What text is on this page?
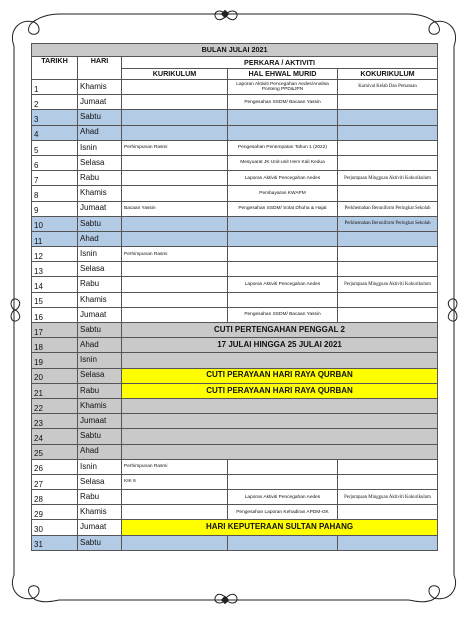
BULAN JULAI 2021				
TARIKH	HARI	PERKARA / AKTIVITI		
		KURIKULUM	HAL EHWAL MURID	KOKURIKULUM
1	Khamis		Laporan Aktiviti Pencegahan Aedes/Analisa Ponteng PPD&JPN	Karnival Kelab Dan Persatuan
2	Jumaat		Pengesahan SSDM/ Bacaan Yassin	
3	Sabtu			
4	Ahad			
5	Isnin	Perhimpunan Rasmi	Pengesahan Penempatan Tahun 1 (2022)	
6	Selasa		Mesyuarat JK Unit-unit Hem Kali Kedua	
7	Rabu		Laporan Aktiviti Pencegahan Aedes	Perjumpaan Mingguan Aktiviti Kokurikulum
8	Khamis		Pembayaran KWAPM	
9	Jumaat	Bacaan Yassin	Pengesahan SSDM/ Solat Dhuha & Hajat	Perkhemahan Beruniform Peringkat Sekolah
10	Sabtu			Perkhemahan Beruniform Peringkat Sekolah
11	Ahad			
12	Isnin	Perhimpunan Rasmi		
13	Selasa			
14	Rabu		Laporan Aktiviti Pencegahan Aedes	Perjumpaan Mingguan Aktiviti Kokurikulum
15	Khamis			
16	Jumaat		Pengesahan SSDM/ Bacaan Yassin	
17	Sabtu	CUTI PERTENGAHAN PENGGAL 2		
18	Ahad	17 JULAI HINGGA 25 JULAI 2021		
19	Isnin			
20	Selasa	CUTI PERAYAAN HARI RAYA QURBAN		
21	Rabu	CUTI PERAYAAN HARI RAYA QURBAN		
22	Khamis			
23	Jumaat			
24	Sabtu			
25	Ahad			
26	Isnin	Perhimpunan Rasmi		
27	Selasa	KIK 6		
28	Rabu		Laporan Aktiviti Pencegahan Aedes	Perjumpaan Mingguan Aktiviti Kokurikulum
29	Khamis		Pengesahan Laporan Kehadiran APDM-GK	
30	Jumaat	HARI KEPUTERAAN SULTAN PAHANG		
31	Sabtu			
